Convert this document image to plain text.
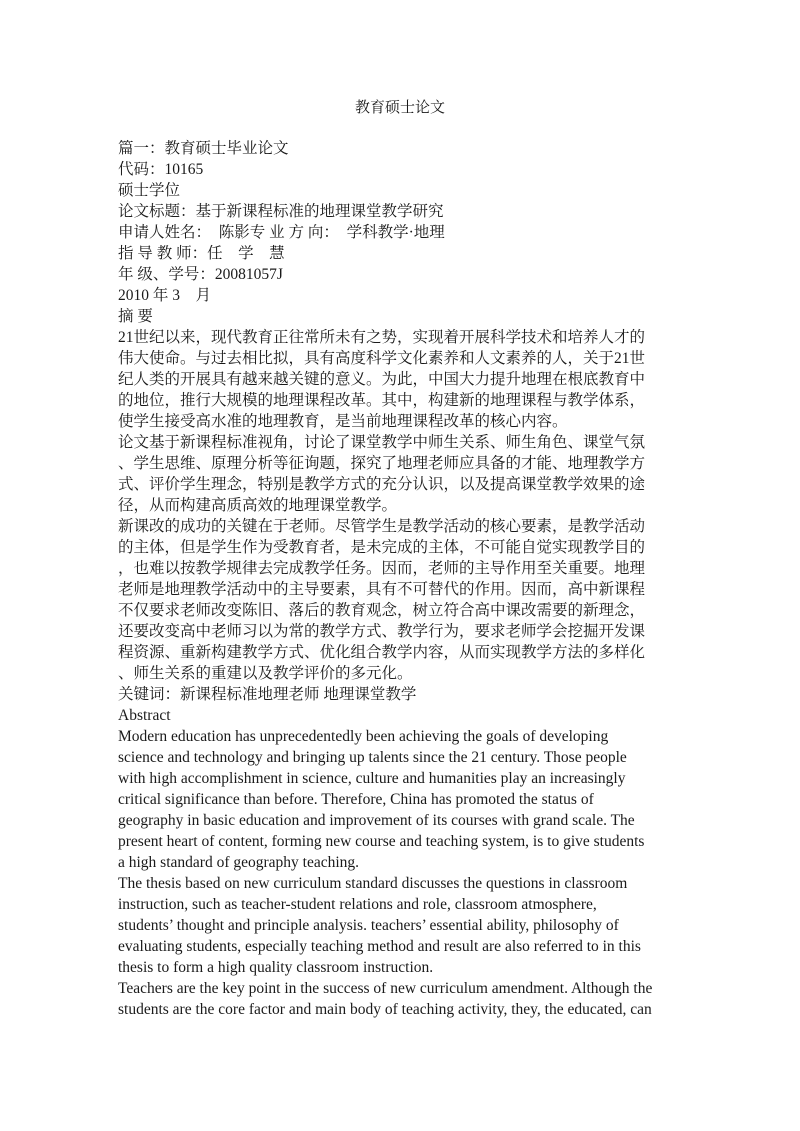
教育硕士论文
篇一：教育硕士毕业论文
代码：10165
硕士学位
论文标题：基于新课程标准的地理课堂教学研究
申请人姓名：　陈影专 业 方 向：　学科教学·地理
指 导 教 师：任　学　慧
年 级、学号：20081057J
2010 年 3　月
摘 要
21世纪以来，现代教育正往常所未有之势，实现着开展科学技术和培养人才的
伟大使命。与过去相比拟，具有高度科学文化素养和人文素养的人，关于21世
纪人类的开展具有越来越关键的意义。为此，中国大力提升地理在根底教育中
的地位，推行大规模的地理课程改革。其中，构建新的地理课程与教学体系，
使学生接受高水准的地理教育，是当前地理课程改革的核心内容。
论文基于新课程标准视角，讨论了课堂教学中师生关系、师生角色、课堂气氛
、学生思维、原理分析等征询题，探究了地理老师应具备的才能、地理教学方
式、评价学生理念，特别是教学方式的充分认识，以及提高课堂教学效果的途
径，从而构建高质高效的地理课堂教学。
新课改的成功的关键在于老师。尽管学生是教学活动的核心要素，是教学活动
的主体，但是学生作为受教育者，是未完成的主体，不可能自觉实现教学目的
，也难以按教学规律去完成教学任务。因而，老师的主导作用至关重要。地理
老师是地理教学活动中的主导要素，具有不可替代的作用。因而，高中新课程
不仅要求老师改变陈旧、落后的教育观念，树立符合高中课改需要的新理念，
还要改变高中老师习以为常的教学方式、教学行为，要求老师学会挖掘开发课
程资源、重新构建教学方式、优化组合教学内容，从而实现教学方法的多样化
、师生关系的重建以及教学评价的多元化。
关键词：新课程标准地理老师 地理课堂教学
Abstract
Modern education has unprecedentedly been achieving the goals of developing
science and technology and bringing up talents since the 21 century. Those people
with high accomplishment in science, culture and humanities play an increasingly
critical significance than before. Therefore, China has promoted the status of
geography in basic education and improvement of its courses with grand scale. The
present heart of content, forming new course and teaching system, is to give students
a high standard of geography teaching.
The thesis based on new curriculum standard discusses the questions in classroom
instruction, such as teacher-student relations and role, classroom atmosphere,
students’ thought and principle analysis. teachers’ essential ability, philosophy of
evaluating students, especially teaching method and result are also referred to in this
thesis to form a high quality classroom instruction.
Teachers are the key point in the success of new curriculum amendment. Although the
students are the core factor and main body of teaching activity, they, the educated, can
